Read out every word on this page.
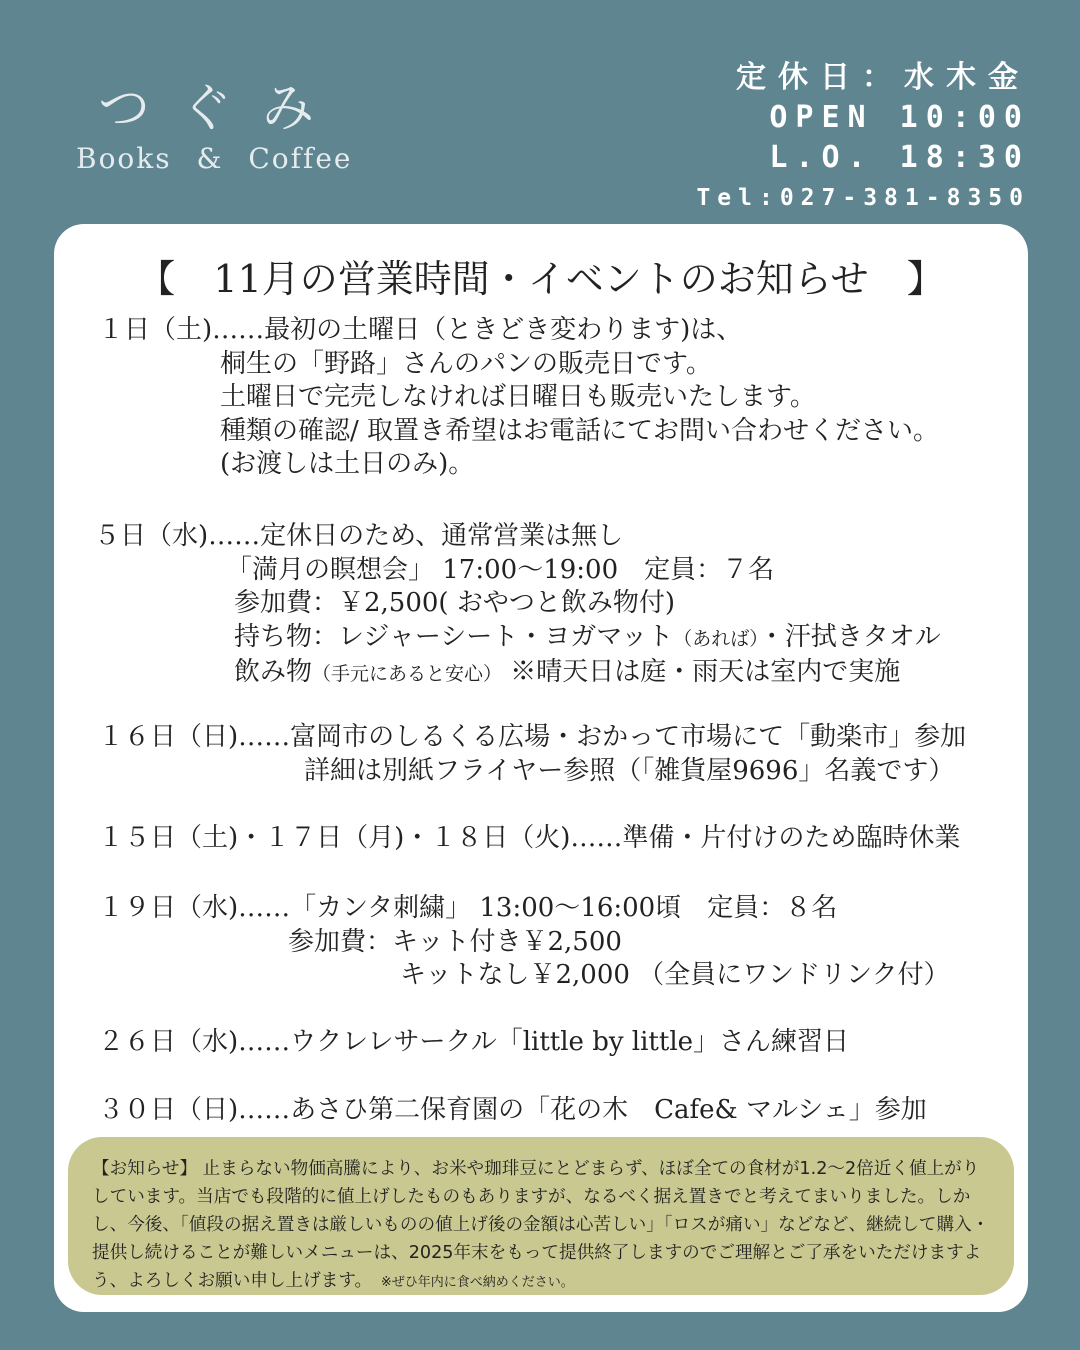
つぐみ
Books & Coffee
定休日：水木金
OPEN 10:00
L.O. 18:30
Tel:027-381-8350
【　11月の営業時間・イベントのお知らせ　】
１日（土)……最初の土曜日（ときどき変わります)は、
桐生の「野路」さんのパンの販売日です。
土曜日で完売しなければ日曜日も販売いたします。
種類の確認/ 取置き希望はお電話にてお問い合わせください。
(お渡しは土日のみ)。
５日（水)……定休日のため、通常営業は無し
「満月の瞑想会」 17:00～19:00　定員：７名
参加費：￥2,500( おやつと飲み物付)
持ち物：レジャーシート・ヨガマット（あれば）・汗拭きタオル
飲み物（手元にあると安心） ※晴天日は庭・雨天は室内で実施
１６日（日)……富岡市のしるくる広場・おかって市場にて「動楽市」参加
詳細は別紙フライヤー参照（「雑貨屋9696」名義です）
１５日（土)・１７日（月)・１８日（火)……準備・片付けのため臨時休業
１９日（水)……「カンタ刺繍」 13:00～16:00頃　定員：８名
参加費：キット付き￥2,500
キットなし￥2,000 （全員にワンドリンク付）
２６日（水)……ウクレレサークル「little by little」さん練習日
３０日（日)……あさひ第二保育園の「花の木　Cafe& マルシェ」参加

【お知らせ】 止まらない物価高騰により、お米や珈琲豆にとどまらず、ほぼ全ての食材が1.2～2倍近く値上がりしています。当店でも段階的に値上げしたものもありますが、なるべく据え置きでと考えてまいりました。しかし、今後、「値段の据え置きは厳しいものの値上げ後の金額は心苦しい」「ロスが痛い」などなど、継続して購入・提供し続けることが難しいメニューは、2025年末をもって提供終了しますのでご理解とご了承をいただけますよう、よろしくお願い申し上げます。　 ※ぜひ年内に食べ納めください。
